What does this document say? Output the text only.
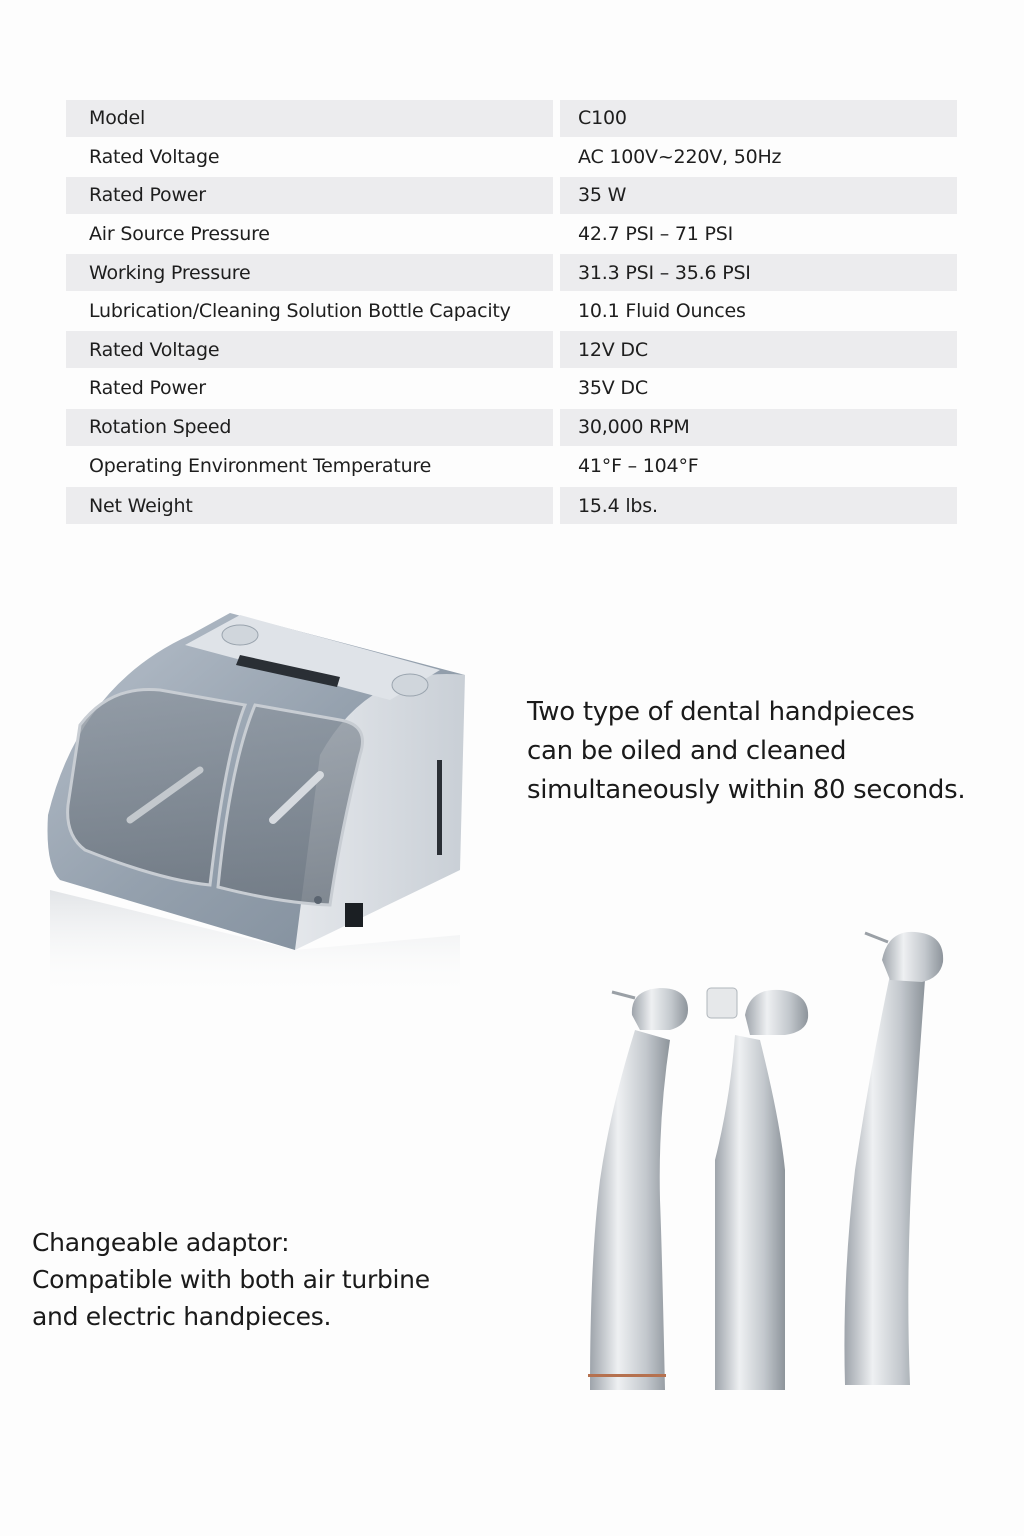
Model	C100
Rated Voltage	AC 100V~220V, 50Hz
Rated Power	35 W
Air Source Pressure	42.7 PSI – 71 PSI
Working Pressure	31.3 PSI – 35.6 PSI
Lubrication/Cleaning Solution Bottle Capacity	10.1 Fluid Ounces
Rated Voltage	12V DC
Rated Power	35V DC
Rotation Speed	30,000 RPM
Operating Environment Temperature	41°F – 104°F
Net Weight	15.4 lbs.

Two type of dental handpieces

can be oiled and cleaned

simultaneously within 80 seconds.

Changeable adaptor:

Compatible with both air turbine

and electric handpieces.
